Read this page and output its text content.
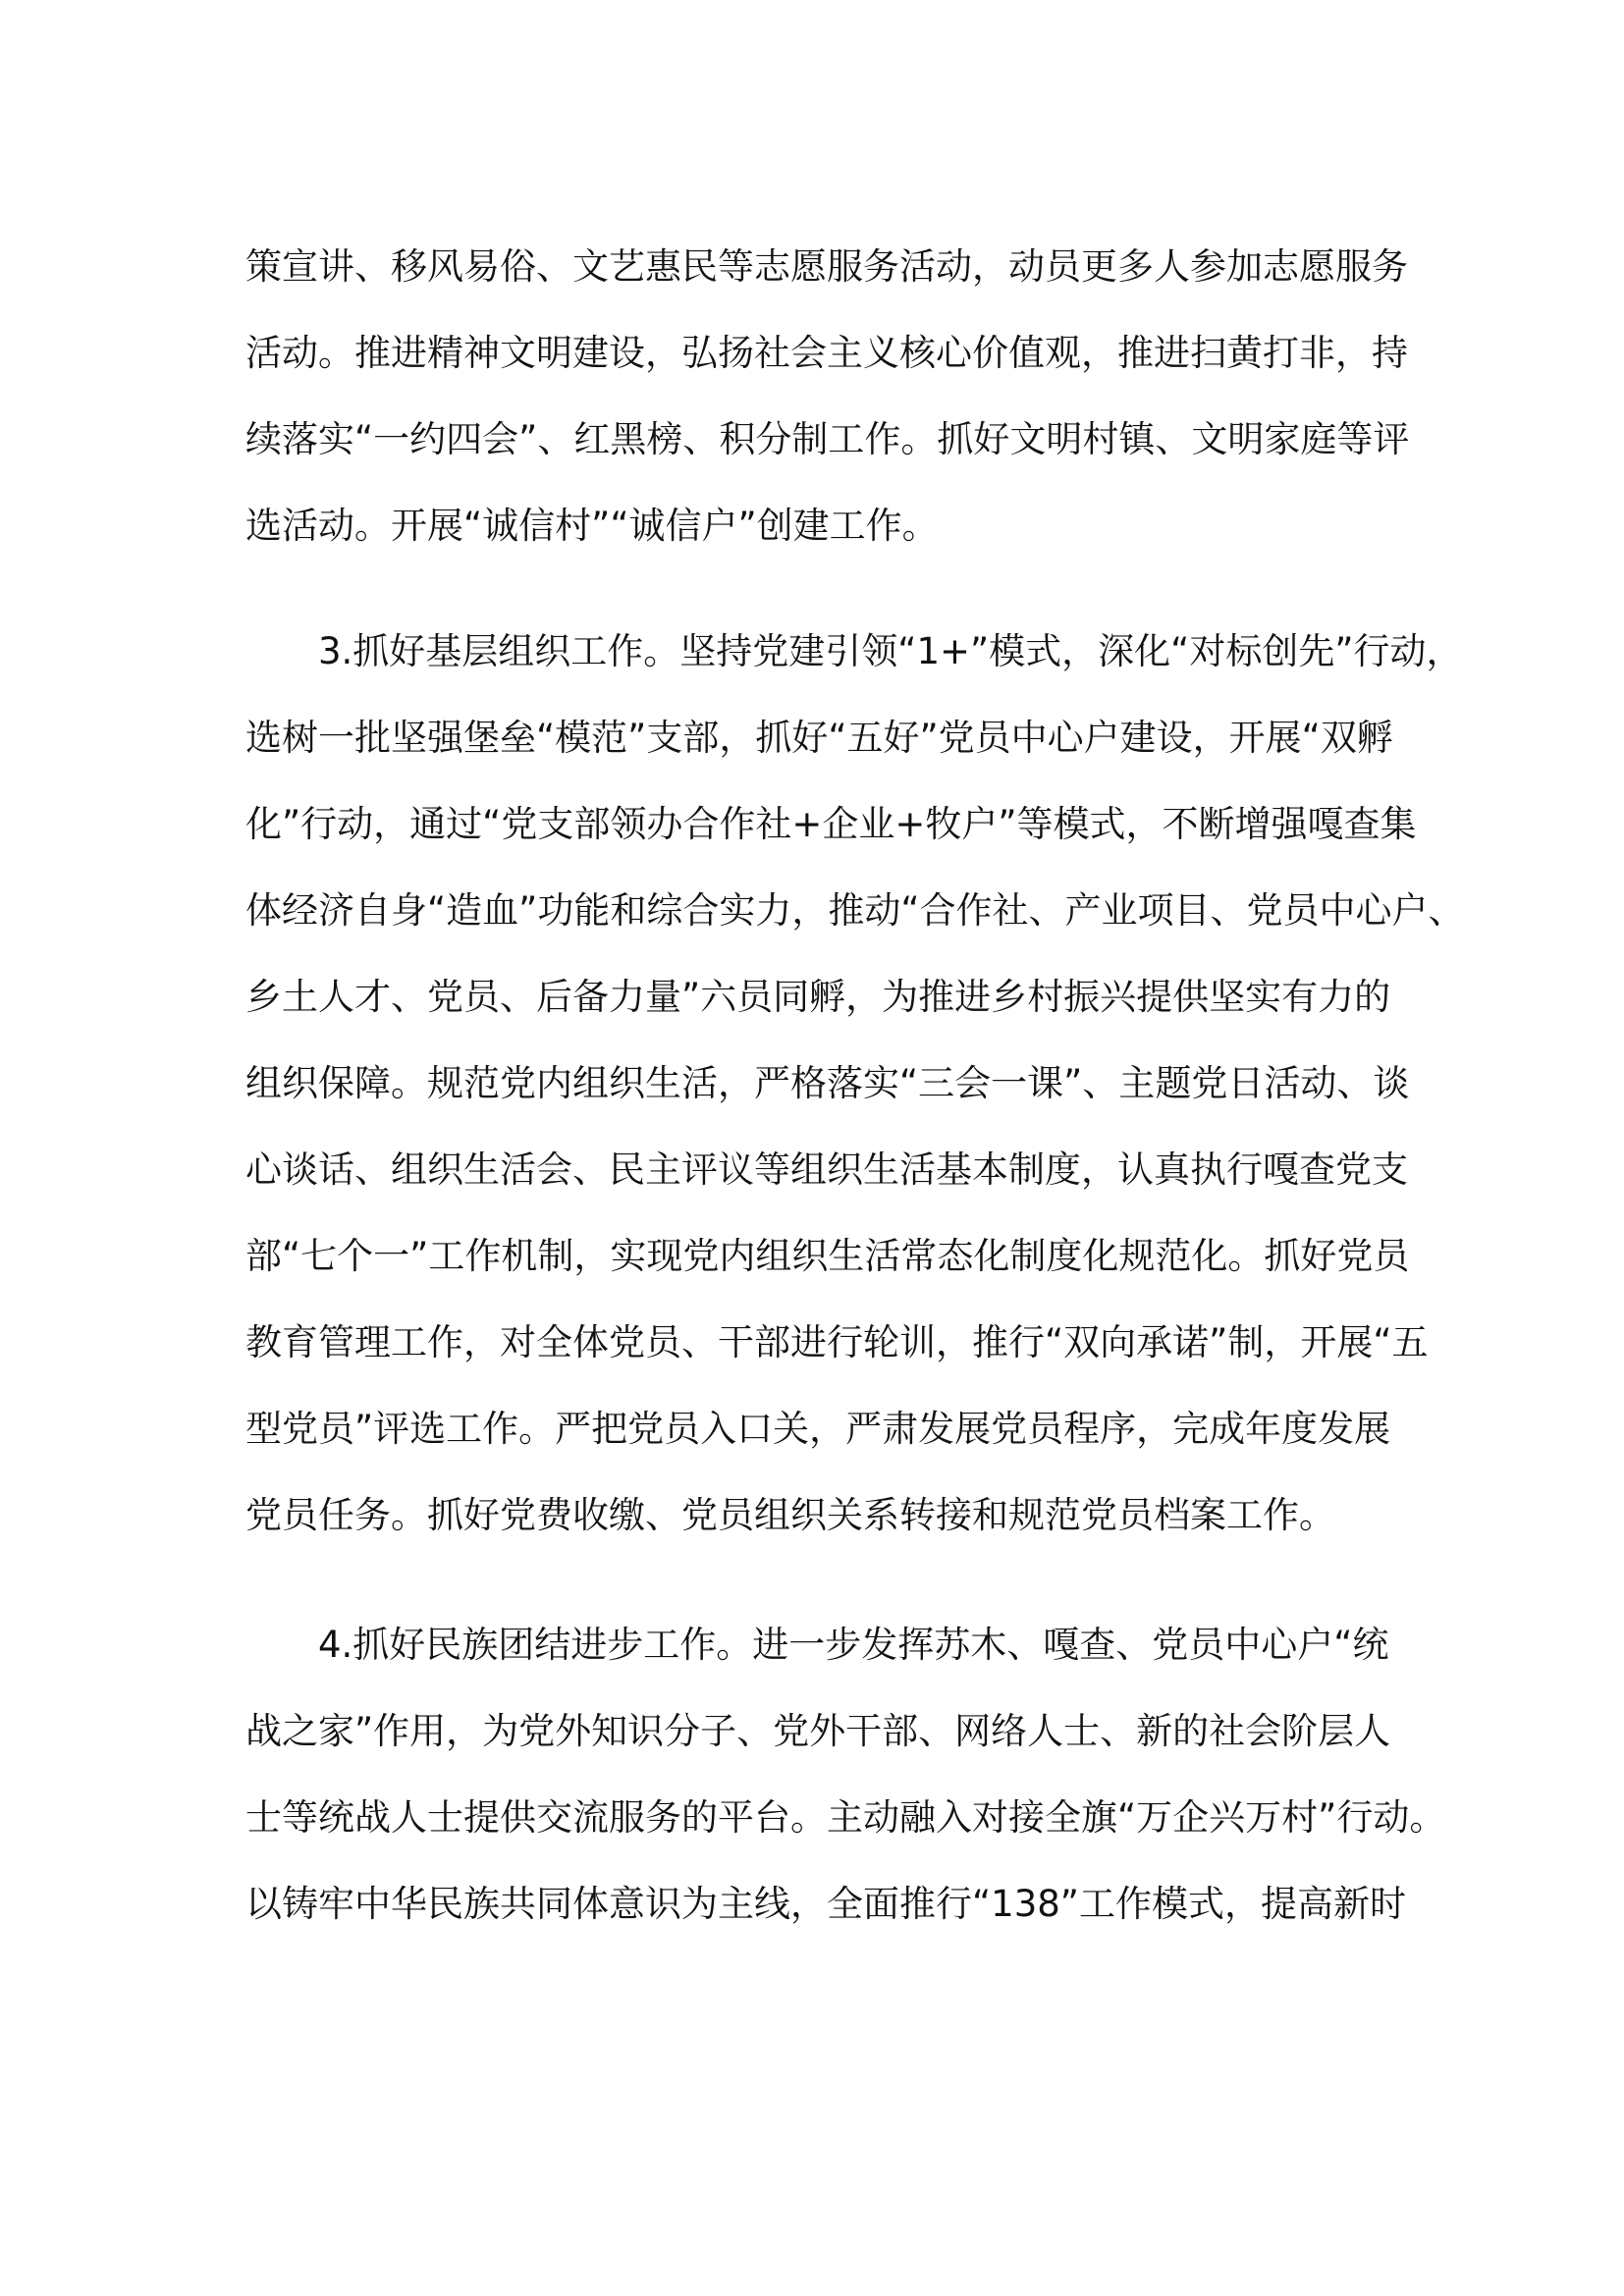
策宣讲、移风易俗、文艺惠民等志愿服务活动，动员更多人参加志愿服务
活动。推进精神文明建设，弘扬社会主义核心价值观，推进扫黄打非，持
续落实“一约四会”、红黑榜、积分制工作。抓好文明村镇、文明家庭等评
选活动。开展“诚信村”“诚信户”创建工作。
3.抓好基层组织工作。坚持党建引领“1+”模式，深化“对标创先”行动，
选树一批坚强堡垒“模范”支部，抓好“五好”党员中心户建设，开展“双孵
化”行动，通过“党支部领办合作社+企业+牧户”等模式，不断增强嘎查集
体经济自身“造血”功能和综合实力，推动“合作社、产业项目、党员中心户、
乡土人才、党员、后备力量”六员同孵，为推进乡村振兴提供坚实有力的
组织保障。规范党内组织生活，严格落实“三会一课”、主题党日活动、谈
心谈话、组织生活会、民主评议等组织生活基本制度，认真执行嘎查党支
部“七个一”工作机制，实现党内组织生活常态化制度化规范化。抓好党员
教育管理工作，对全体党员、干部进行轮训，推行“双向承诺”制，开展“五
型党员”评选工作。严把党员入口关，严肃发展党员程序，完成年度发展
党员任务。抓好党费收缴、党员组织关系转接和规范党员档案工作。
4.抓好民族团结进步工作。进一步发挥苏木、嘎查、党员中心户“统
战之家”作用，为党外知识分子、党外干部、网络人士、新的社会阶层人
士等统战人士提供交流服务的平台。主动融入对接全旗“万企兴万村”行动。
以铸牢中华民族共同体意识为主线，全面推行“138”工作模式，提高新时
